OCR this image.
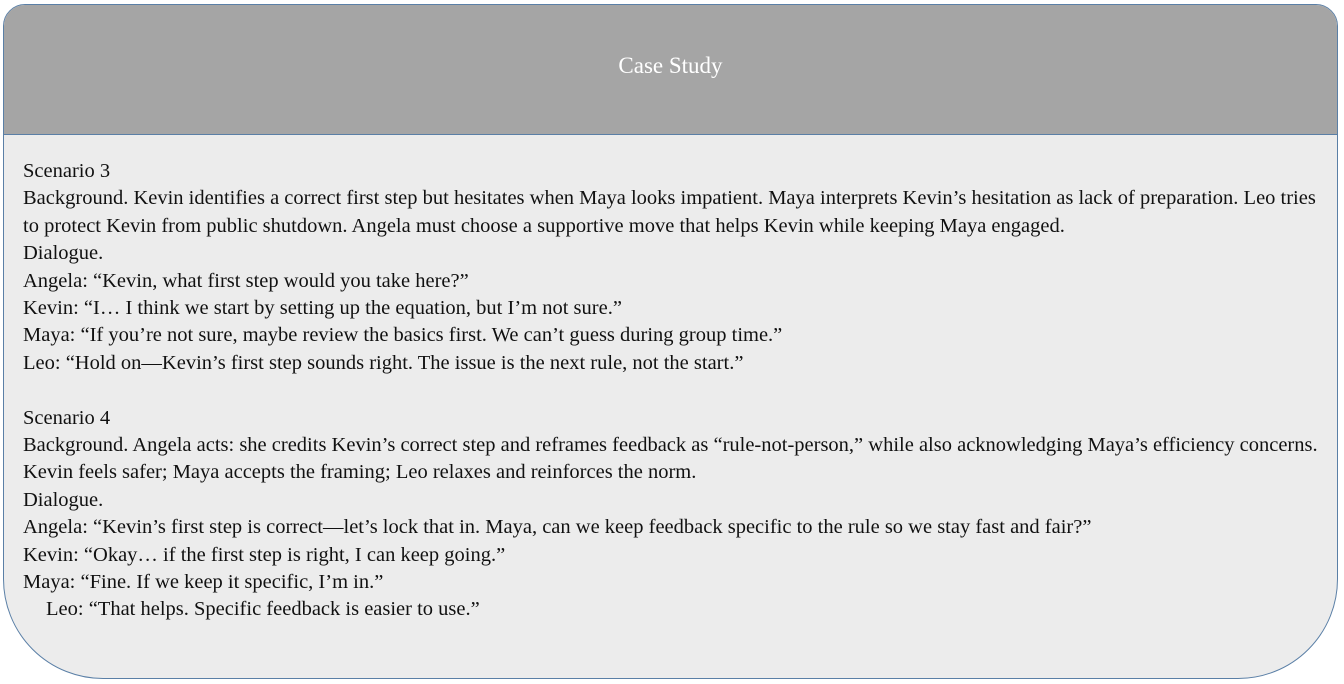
Case Study

Scenario 3

Background. Kevin identifies a correct first step but hesitates when Maya looks impatient. Maya interprets Kevin’s hesitation as lack of preparation. Leo tries to protect Kevin from public shutdown. Angela must choose a supportive move that helps Kevin while keeping Maya engaged.

Dialogue.

Angela: “Kevin, what first step would you take here?”

Kevin: “I… I think we start by setting up the equation, but I’m not sure.”

Maya: “If you’re not sure, maybe review the basics first. We can’t guess during group time.”

Leo: “Hold on—Kevin’s first step sounds right. The issue is the next rule, not the start.”

Scenario 4

Background. Angela acts: she credits Kevin’s correct step and reframes feedback as “rule-not-person,” while also acknowledging Maya’s efficiency concerns. Kevin feels safer; Maya accepts the framing; Leo relaxes and reinforces the norm.

Dialogue.

Angela: “Kevin’s first step is correct—let’s lock that in. Maya, can we keep feedback specific to the rule so we stay fast and fair?”

Kevin: “Okay… if the first step is right, I can keep going.”

Maya: “Fine. If we keep it specific, I’m in.”

Leo: “That helps. Specific feedback is easier to use.”
